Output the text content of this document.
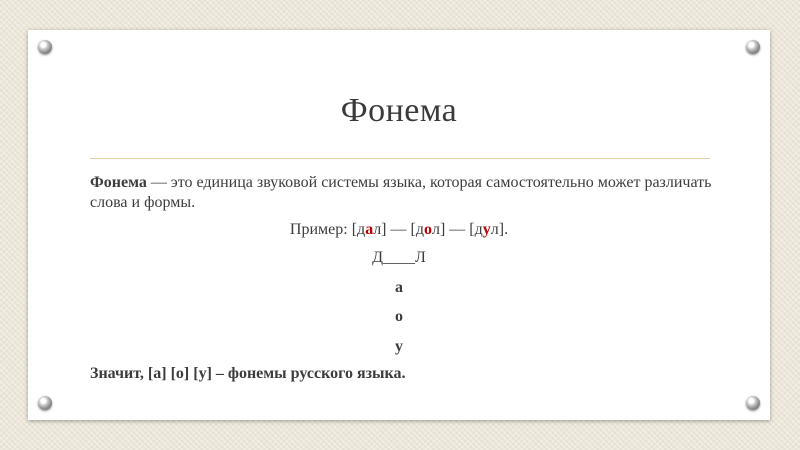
Фонема
Фонема — это единица звуковой системы языка, которая самостоятельно может различать слова и формы.
Пример: [дал] — [дол] — [дул].
Д____Л
а
о
у
Значит, [а] [о] [у] – фонемы русского языка.
